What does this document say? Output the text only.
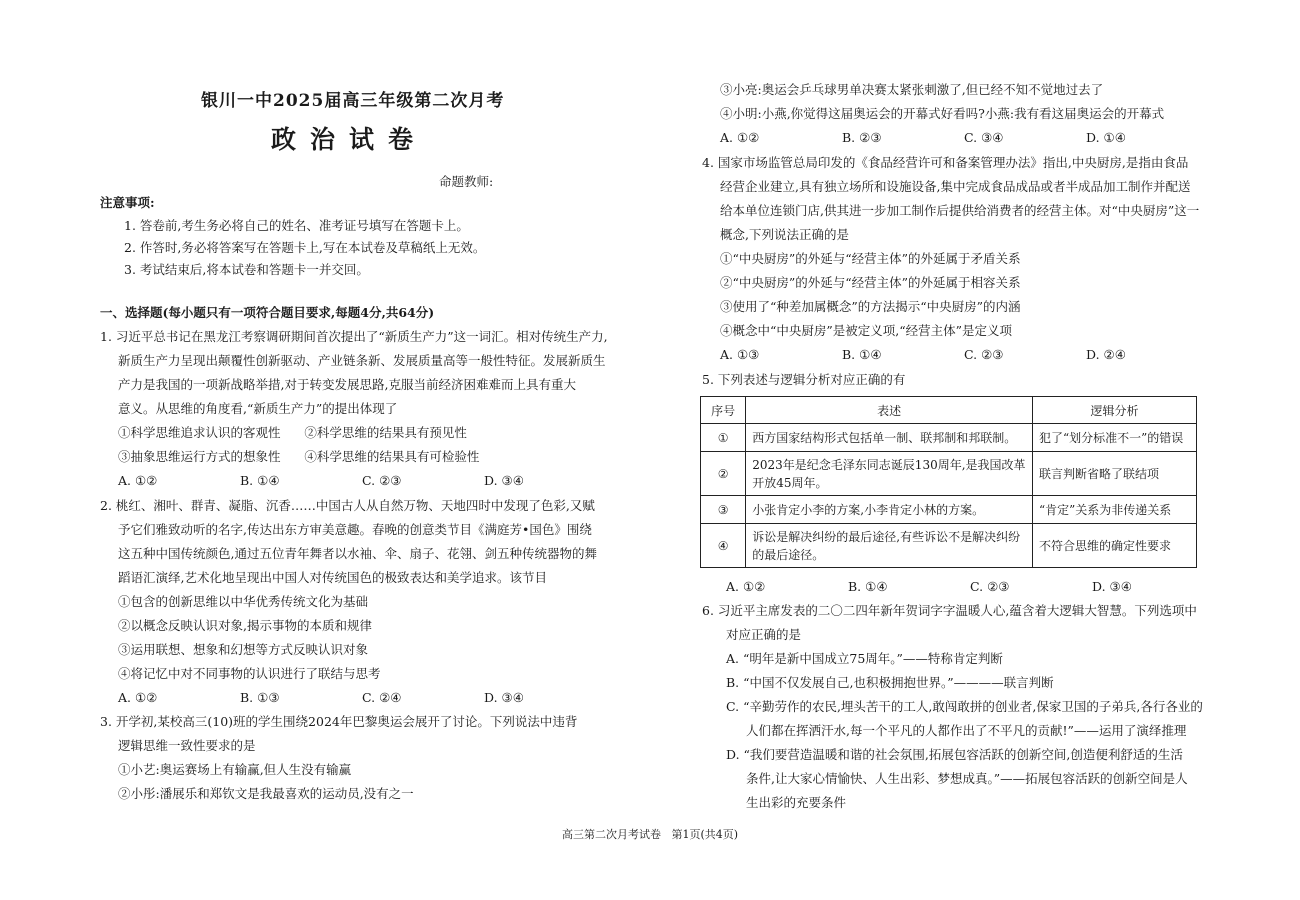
银川一中2025届高三年级第二次月考
政治试卷
命题教师:
注意事项:
1. 答卷前,考生务必将自己的姓名、准考证号填写在答题卡上。
2. 作答时,务必将答案写在答题卡上,写在本试卷及草稿纸上无效。
3. 考试结束后,将本试卷和答题卡一并交回。
一、选择题(每小题只有一项符合题目要求,每题4分,共64分)
1. 习近平总书记在黑龙江考察调研期间首次提出了“新质生产力”这一词汇。相对传统生产力,
新质生产力呈现出颠覆性创新驱动、产业链条新、发展质量高等一般性特征。发展新质生
产力是我国的一项新战略举措,对于转变发展思路,克服当前经济困难难而上具有重大
意义。从思维的角度看,“新质生产力”的提出体现了
①科学思维追求认识的客观性      ②科学思维的结果具有预见性
③抽象思维运行方式的想象性      ④科学思维的结果具有可检验性
A. ①②	B. ①④	C. ②③	D. ③④
2. 桃红、湘叶、群青、凝脂、沉香……中国古人从自然万物、天地四时中发现了色彩,又赋
予它们雅致动听的名字,传达出东方审美意趣。春晚的创意类节目《满庭芳•国色》围绕
这五种中国传统颜色,通过五位青年舞者以水袖、伞、扇子、花翎、剑五种传统器物的舞
蹈语汇演绎,艺术化地呈现出中国人对传统国色的极致表达和美学追求。该节目
①包含的创新思维以中华优秀传统文化为基础
②以概念反映认识对象,揭示事物的本质和规律
③运用联想、想象和幻想等方式反映认识对象
④将记忆中对不同事物的认识进行了联结与思考
A. ①②	B. ①③	C. ②④	D. ③④
3. 开学初,某校高三(10)班的学生围绕2024年巴黎奥运会展开了讨论。下列说法中违背
逻辑思维一致性要求的是
①小艺:奥运赛场上有输赢,但人生没有输赢
②小彤:潘展乐和郑钦文是我最喜欢的运动员,没有之一
③小亮:奥运会乒乓球男单决赛太紧张刺激了,但已经不知不觉地过去了
④小明:小燕,你觉得这届奥运会的开幕式好看吗?小燕:我有看这届奥运会的开幕式
A. ①②	B. ②③	C. ③④	D. ①④
4. 国家市场监管总局印发的《食品经营许可和备案管理办法》指出,中央厨房,是指由食品
经营企业建立,具有独立场所和设施设备,集中完成食品成品或者半成品加工制作并配送
给本单位连锁门店,供其进一步加工制作后提供给消费者的经营主体。对“中央厨房”这一
概念,下列说法正确的是
①“中央厨房”的外延与“经营主体”的外延属于矛盾关系
②“中央厨房”的外延与“经营主体”的外延属于相容关系
③使用了“种差加属概念”的方法揭示“中央厨房”的内涵
④概念中“中央厨房”是被定义项,“经营主体”是定义项
A. ①③	B. ①④	C. ②③	D. ②④
5. 下列表述与逻辑分析对应正确的有
序号	表述	逻辑分析
①	西方国家结构形式包括单一制、联邦制和邦联制。	犯了“划分标准不一”的错误
②	2023年是纪念毛泽东同志诞辰130周年,是我国改革开放45周年。	联言判断省略了联结项
③	小张肯定小李的方案,小李肯定小林的方案。	“肯定”关系为非传递关系
④	诉讼是解决纠纷的最后途径,有些诉讼不是解决纠纷的最后途径。	不符合思维的确定性要求
A. ①②	B. ①④	C. ②③	D. ③④
6. 习近平主席发表的二〇二四年新年贺词字字温暖人心,蕴含着大逻辑大智慧。下列选项中
对应正确的是
A. “明年是新中国成立75周年。”——特称肯定判断
B. “中国不仅发展自己,也积极拥抱世界。”————联言判断
C. “辛勤劳作的农民,埋头苦干的工人,敢闯敢拼的创业者,保家卫国的子弟兵,各行各业的
人们都在挥洒汗水,每一个平凡的人都作出了不平凡的贡献!”——运用了演绎推理
D. “我们要营造温暖和谐的社会氛围,拓展包容活跃的创新空间,创造便利舒适的生活
条件,让大家心情愉快、人生出彩、梦想成真。”——拓展包容活跃的创新空间是人
生出彩的充要条件
高三第二次月考试卷   第1页(共4页)
